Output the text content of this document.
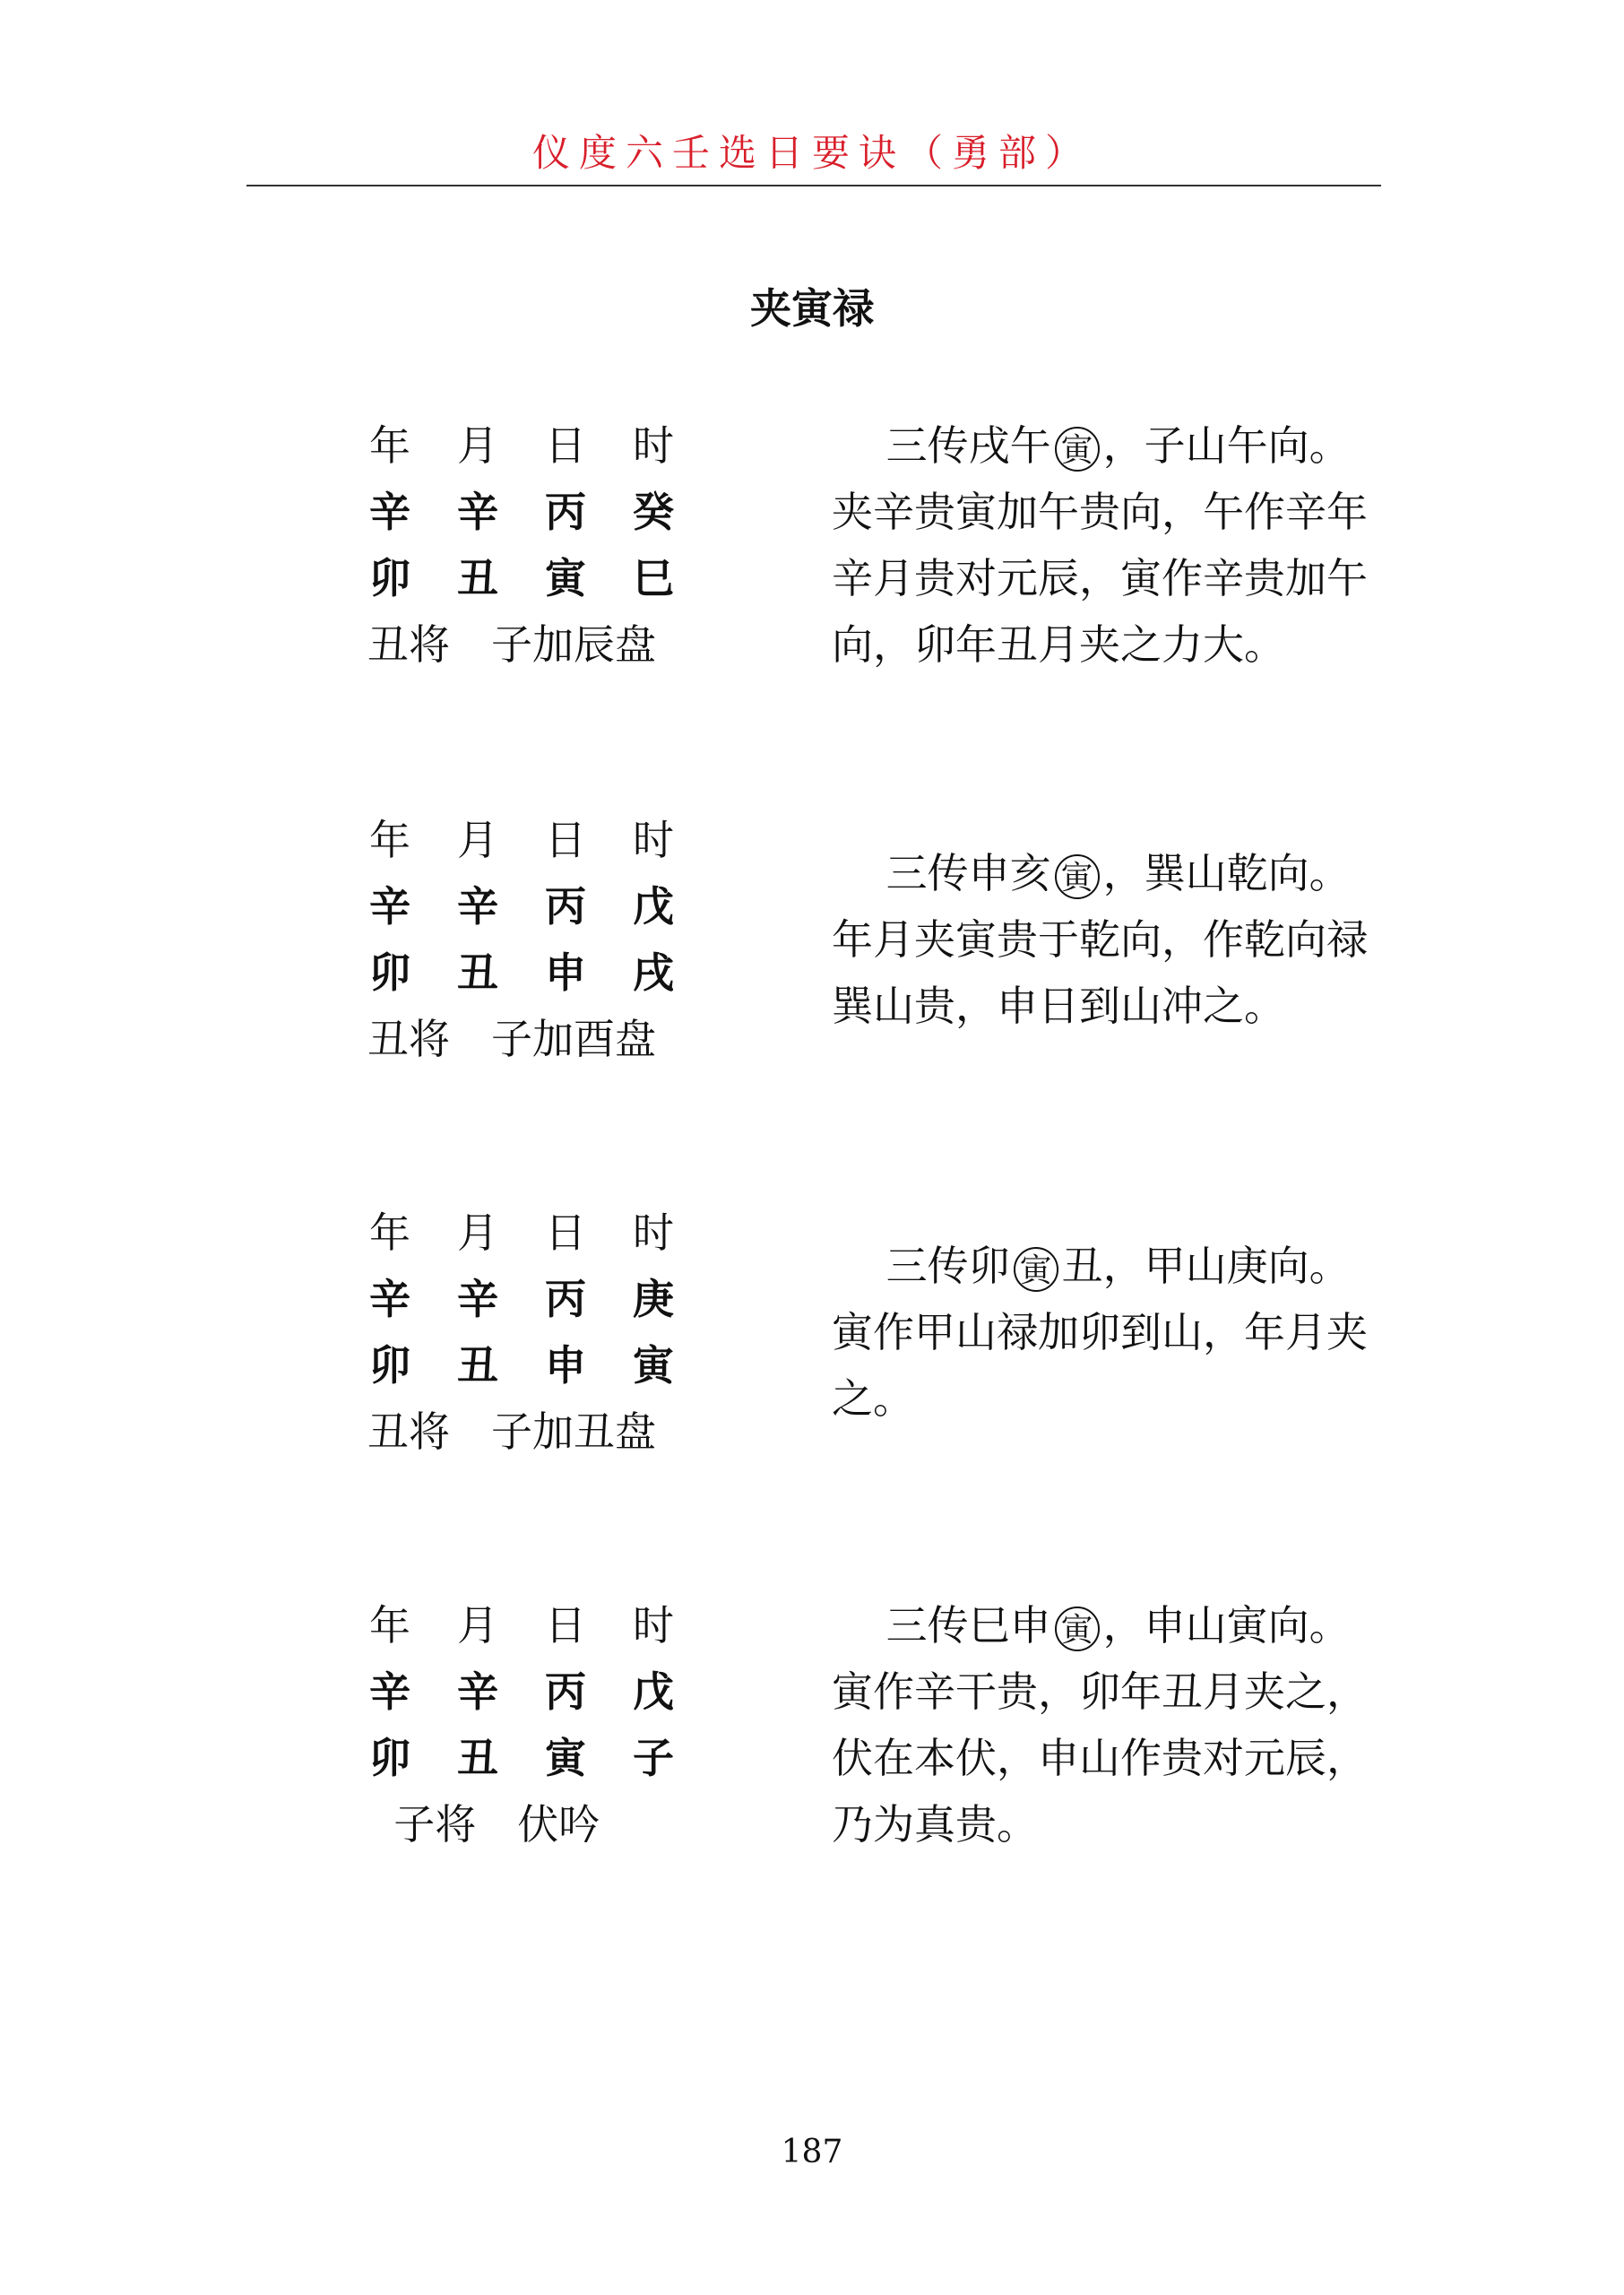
仪度六壬选日要诀（勇部）
夹寅禄
年 月 日 时
辛 辛 丙 癸
卯 丑 寅 巳
丑将　子加辰盘

　 三传戌午 寅 ，子山午向。夹辛贵寅加午贵向，午作辛年辛月贵对元辰，寅作辛贵加午向，卯年丑月夹之力大。

年 月 日 时
辛 辛 丙 戊
卯 丑 申 戌
丑将　子加酉盘

　 三传申亥 寅 ，巽山乾向。年月夹寅贵于乾向，作乾向禄巽山贵，申日到山冲之。

年 月 日 时
辛 辛 丙 庚
卯 丑 申 寅
丑将　子加丑盘

　 三传卯 寅 丑，甲山庚向。寅作甲山禄加卯到山，年月夹之。

年 月 日 时
辛 辛 丙 戊
卯 丑 寅 子
子将　伏吟

　 三传巳申 寅 ，申山寅向。寅作辛干贵，卯年丑月夹之，伏在本伏，申山作贵对元辰，乃为真贵。

187
